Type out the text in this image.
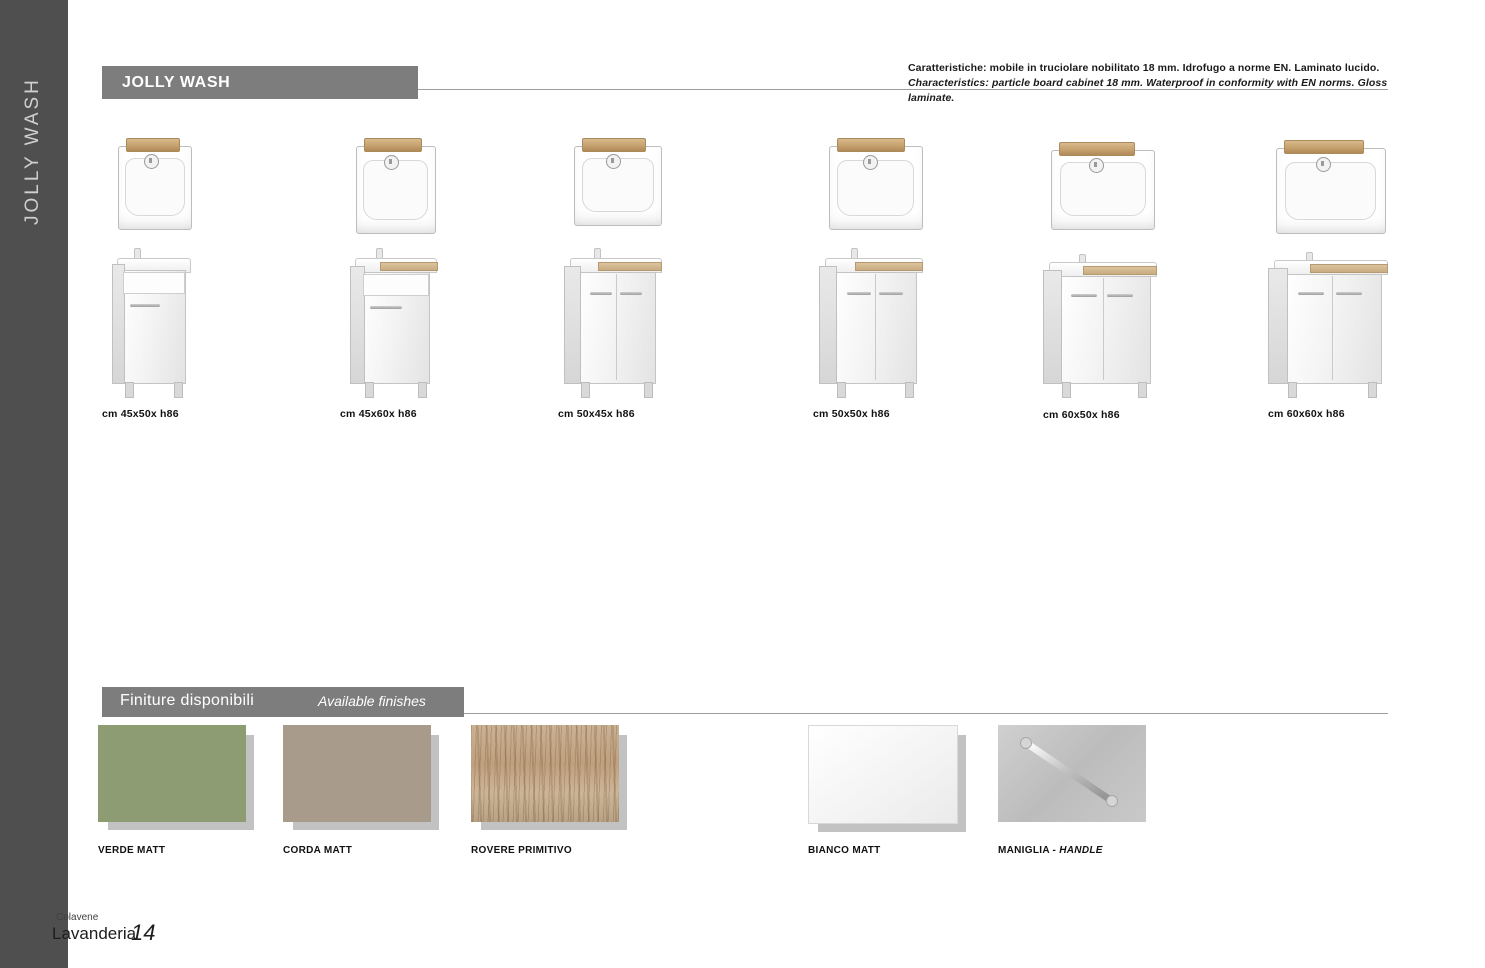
JOLLY WASH	JOLLY WASH
Caratteristiche: mobile in truciolare nobilitato 18 mm. Idrofugo a norme EN. Laminato lucido.
Characteristics: particle board cabinet 18 mm. Waterproof in conformity with EN norms. Gloss laminate.
cm 45x50x h86	cm 45x60x h86	cm 50x45x h86	cm 50x50x h86	cm 60x50x h86	cm 60x60x h86
Finiture disponibili	Available finishes
VERDE MATT	CORDA MATT	ROVERE PRIMITIVO	BIANCO MATT	MANIGLIA - HANDLE
Colavene
Lavanderia
14
